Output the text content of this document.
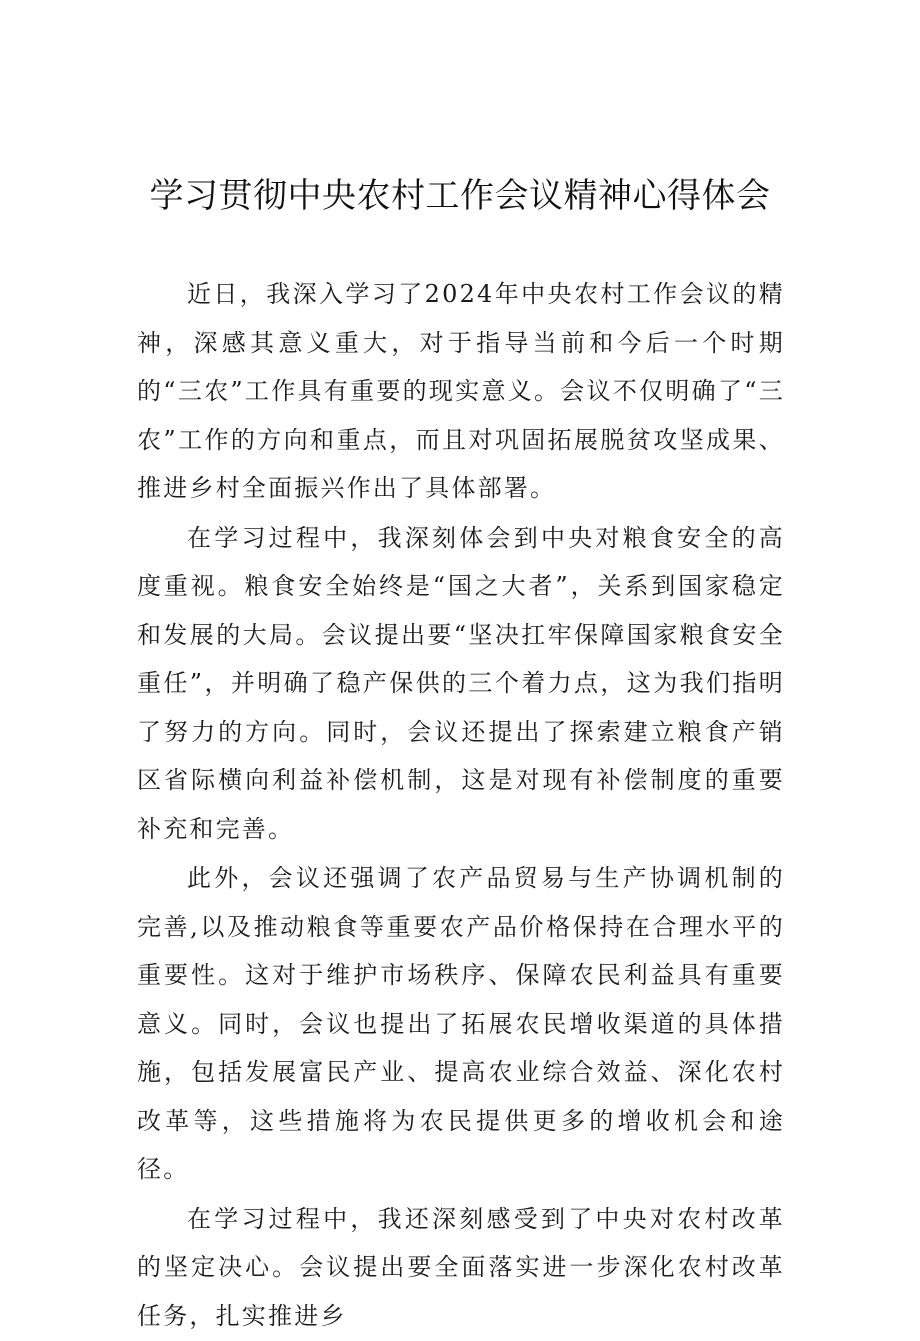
学习贯彻中央农村工作会议精神心得体会

近日，我深入学习了2024年中央农村工作会议的精神，深感其意义重大，对于指导当前和今后一个时期的“三农”工作具有重要的现实意义。会议不仅明确了“三农”工作的方向和重点，而且对巩固拓展脱贫攻坚成果、推进乡村全面振兴作出了具体部署。

在学习过程中，我深刻体会到中央对粮食安全的高度重视。粮食安全始终是“国之大者”，关系到国家稳定和发展的大局。会议提出要“坚决扛牢保障国家粮食安全重任”，并明确了稳产保供的三个着力点，这为我们指明了努力的方向。同时，会议还提出了探索建立粮食产销区省际横向利益补偿机制，这是对现有补偿制度的重要补充和完善。

此外，会议还强调了农产品贸易与生产协调机制的完善,以及推动粮食等重要农产品价格保持在合理水平的重要性。这对于维护市场秩序、保障农民利益具有重要意义。同时，会议也提出了拓展农民增收渠道的具体措施，包括发展富民产业、提高农业综合效益、深化农村改革等，这些措施将为农民提供更多的增收机会和途径。

在学习过程中，我还深刻感受到了中央对农村改革的坚定决心。会议提出要全面落实进一步深化农村改革任务，扎实推进乡
